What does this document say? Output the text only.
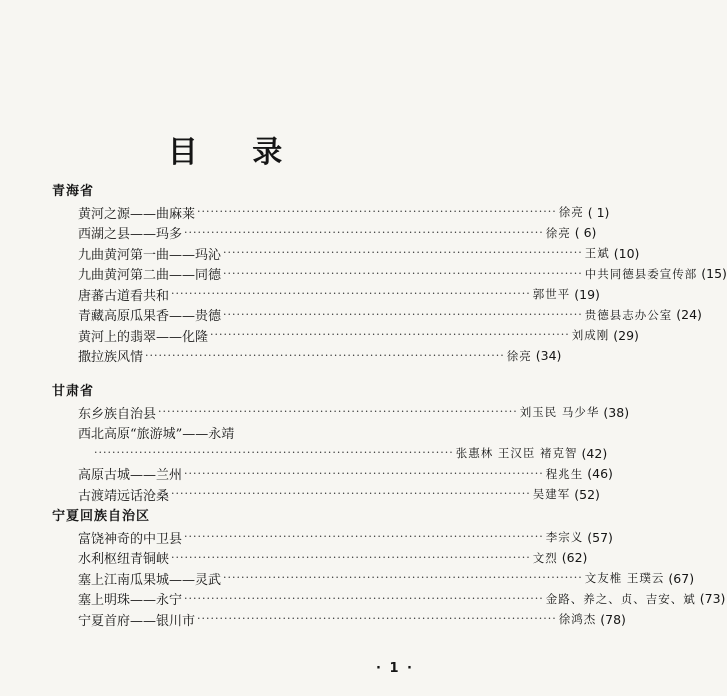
目 录
青海省
黄河之源——曲麻莱 ················································································ 徐亮 ( 1)
西湖之县——玛多 ················································································ 徐亮 ( 6)
九曲黄河第一曲——玛沁 ················································································ 王斌 (10)
九曲黄河第二曲——同德 ················································································ 中共同德县委宣传部 (15)
唐蕃古道看共和 ················································································ 郭世平 (19)
青藏高原瓜果香——贵德 ················································································ 贵德县志办公室 (24)
黄河上的翡翠——化隆 ················································································ 刘成刚 (29)
撒拉族风情 ················································································ 徐亮 (34)
甘肃省
东乡族自治县 ················································································ 刘玉民 马少华 (38)
西北高原“旅游城”——永靖
················································································ 张惠林 王汉臣 褚克智 (42)
高原古城——兰州 ················································································ 程兆生 (46)
古渡靖远话沧桑 ················································································ 吴建军 (52)
宁夏回族自治区
富饶神奇的中卫县 ················································································ 李宗义 (57)
水利枢纽青铜峡 ················································································ 文烈 (62)
塞上江南瓜果城——灵武 ················································································ 文友椎 王璞云 (67)
塞上明珠——永宁 ················································································ 金路、养之、贞、吉安、斌 (73)
宁夏首府——银川市 ················································································ 徐鸿杰 (78)
· 1 ·
